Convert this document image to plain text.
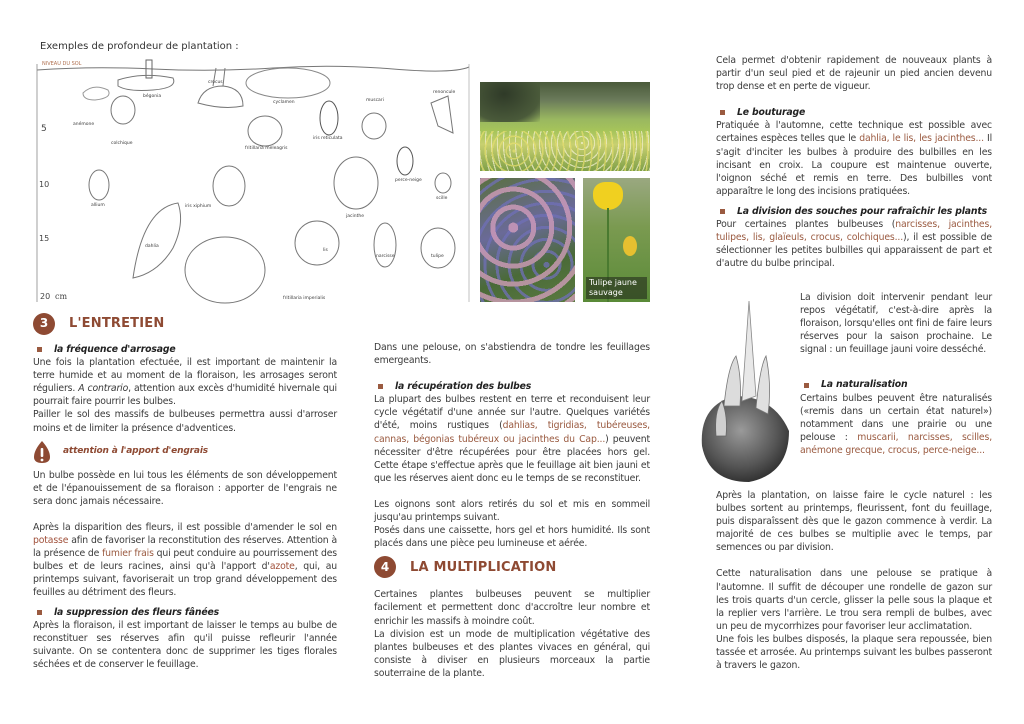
Exemples de profondeur de plantation :
NIVEAU DU SOL
5
10
15
20 cm
bégonia
crocus
cyclamen	muscari
renoncule
anémone
colchique
fritillaria meleagris
iris reticulata
perce-neige
allium	iris xiphium
jacinthe
scille
dahlia
lis
narcisse	tulipe
fritillaria imperialis
Tulipe jaune sauvage
3	L'ENTRETIEN
la fréquence d'arrosage

Une fois la plantation efectuée, il est important de maintenir la terre humide et au moment de la floraison, les arrosages seront réguliers. A contrario, attention aux excès d'humidité hivernale qui pourrait faire pourrir les bulbes.

Pailler le sol des massifs de bulbeuses permettra aussi d'arroser moins et de limiter la présence d'adventices.

attention à l'apport d'engrais

Un bulbe possède en lui tous les éléments de son développement et de l'épanouissement de sa floraison : apporter de l'engrais ne sera donc jamais nécessaire.

Après la disparition des fleurs, il est possible d'amender le sol en potasse afin de favoriser la reconstitution des réserves. Attention à la présence de fumier frais qui peut conduire au pourrissement des bulbes et de leurs racines, ainsi qu'à l'apport d'azote, qui, au printemps suivant, favoriserait un trop grand développement des feuilles au détriment des fleurs.

la suppression des fleurs fânées

Après la floraison, il est important de laisser le temps au bulbe de reconstituer ses réserves afin qu'il puisse refleurir l'année suivante. On se contentera donc de supprimer les tiges florales séchées et de conserver le feuillage.

Dans une pelouse, on s'abstiendra de tondre les feuillages emergeants.

la récupération des bulbes

La plupart des bulbes restent en terre et reconduisent leur cycle végétatif d'une année sur l'autre. Quelques variétés d'été, moins rustiques (dahlias, tigridias, tubéreuses, cannas, bégonias tubéreux ou jacinthes du Cap...) peuvent nécessiter d'être récupérées pour être placées hors gel. Cette étape s'effectue après que le feuillage ait bien jauni et que les réserves aient donc eu le temps de se reconstituer.

Les oignons sont alors retirés du sol et mis en sommeil jusqu'au printemps suivant.

Posés dans une caissette, hors gel et hors humidité. Ils sont placés dans une pièce peu lumineuse et aérée.

4	LA MULTIPLICATION

Certaines plantes bulbeuses peuvent se multiplier facilement et permettent donc d'accroître leur nombre et enrichir les massifs à moindre coût.

La division est un mode de multiplication végétative des plantes bulbeuses et des plantes vivaces en général, qui consiste à diviser en plusieurs morceaux la partie souterraine de la plante.

Cela permet d'obtenir rapidement de nouveaux plants à partir d'un seul pied et de rajeunir un pied ancien devenu trop dense et en perte de vigueur.

Le bouturage

Pratiquée à l'automne, cette technique est possible avec certaines espèces telles que le dahlia, le lis, les jacinthes... Il s'agit d'inciter les bulbes à produire des bulbilles en les incisant en croix. La coupure est maintenue ouverte, l'oignon séché et remis en terre. Des bulbilles vont apparaître le long des incisions pratiquées.

La division des souches pour rafraîchir les plants

Pour certaines plantes bulbeuses (narcisses, jacinthes, tulipes, lis, glaïeuls, crocus, colchiques...), il est possible de sélectionner les petites bulbilles qui apparaissent de part et d'autre du bulbe principal.

La division doit intervenir pendant leur repos végétatif, c'est-à-dire après la floraison, lorsqu'elles ont fini de faire leurs réserves pour la saison prochaine. Le signal : un feuillage jauni voire desséché.

La naturalisation

Certains bulbes peuvent être naturalisés («remis dans un certain état naturel») notamment dans une prairie ou une pelouse : muscarii, narcisses, scilles, anémone grecque, crocus, perce-neige...

Après la plantation, on laisse faire le cycle naturel : les bulbes sortent au printemps, fleurissent, font du feuillage, puis disparaîssent dès que le gazon commence à verdir. La majorité de ces bulbes se multiplie avec le temps, par semences ou par division.

Cette naturalisation dans une pelouse se pratique à l'automne. Il suffit de découper une rondelle de gazon sur les trois quarts d'un cercle, glisser la pelle sous la plaque et la replier vers l'arrière. Le trou sera rempli de bulbes, avec un peu de mycorrhizes pour favoriser leur acclimatation.

Une fois les bulbes disposés, la plaque sera repoussée, bien tassée et arrosée. Au printemps suivant les bulbes passeront à travers le gazon.
